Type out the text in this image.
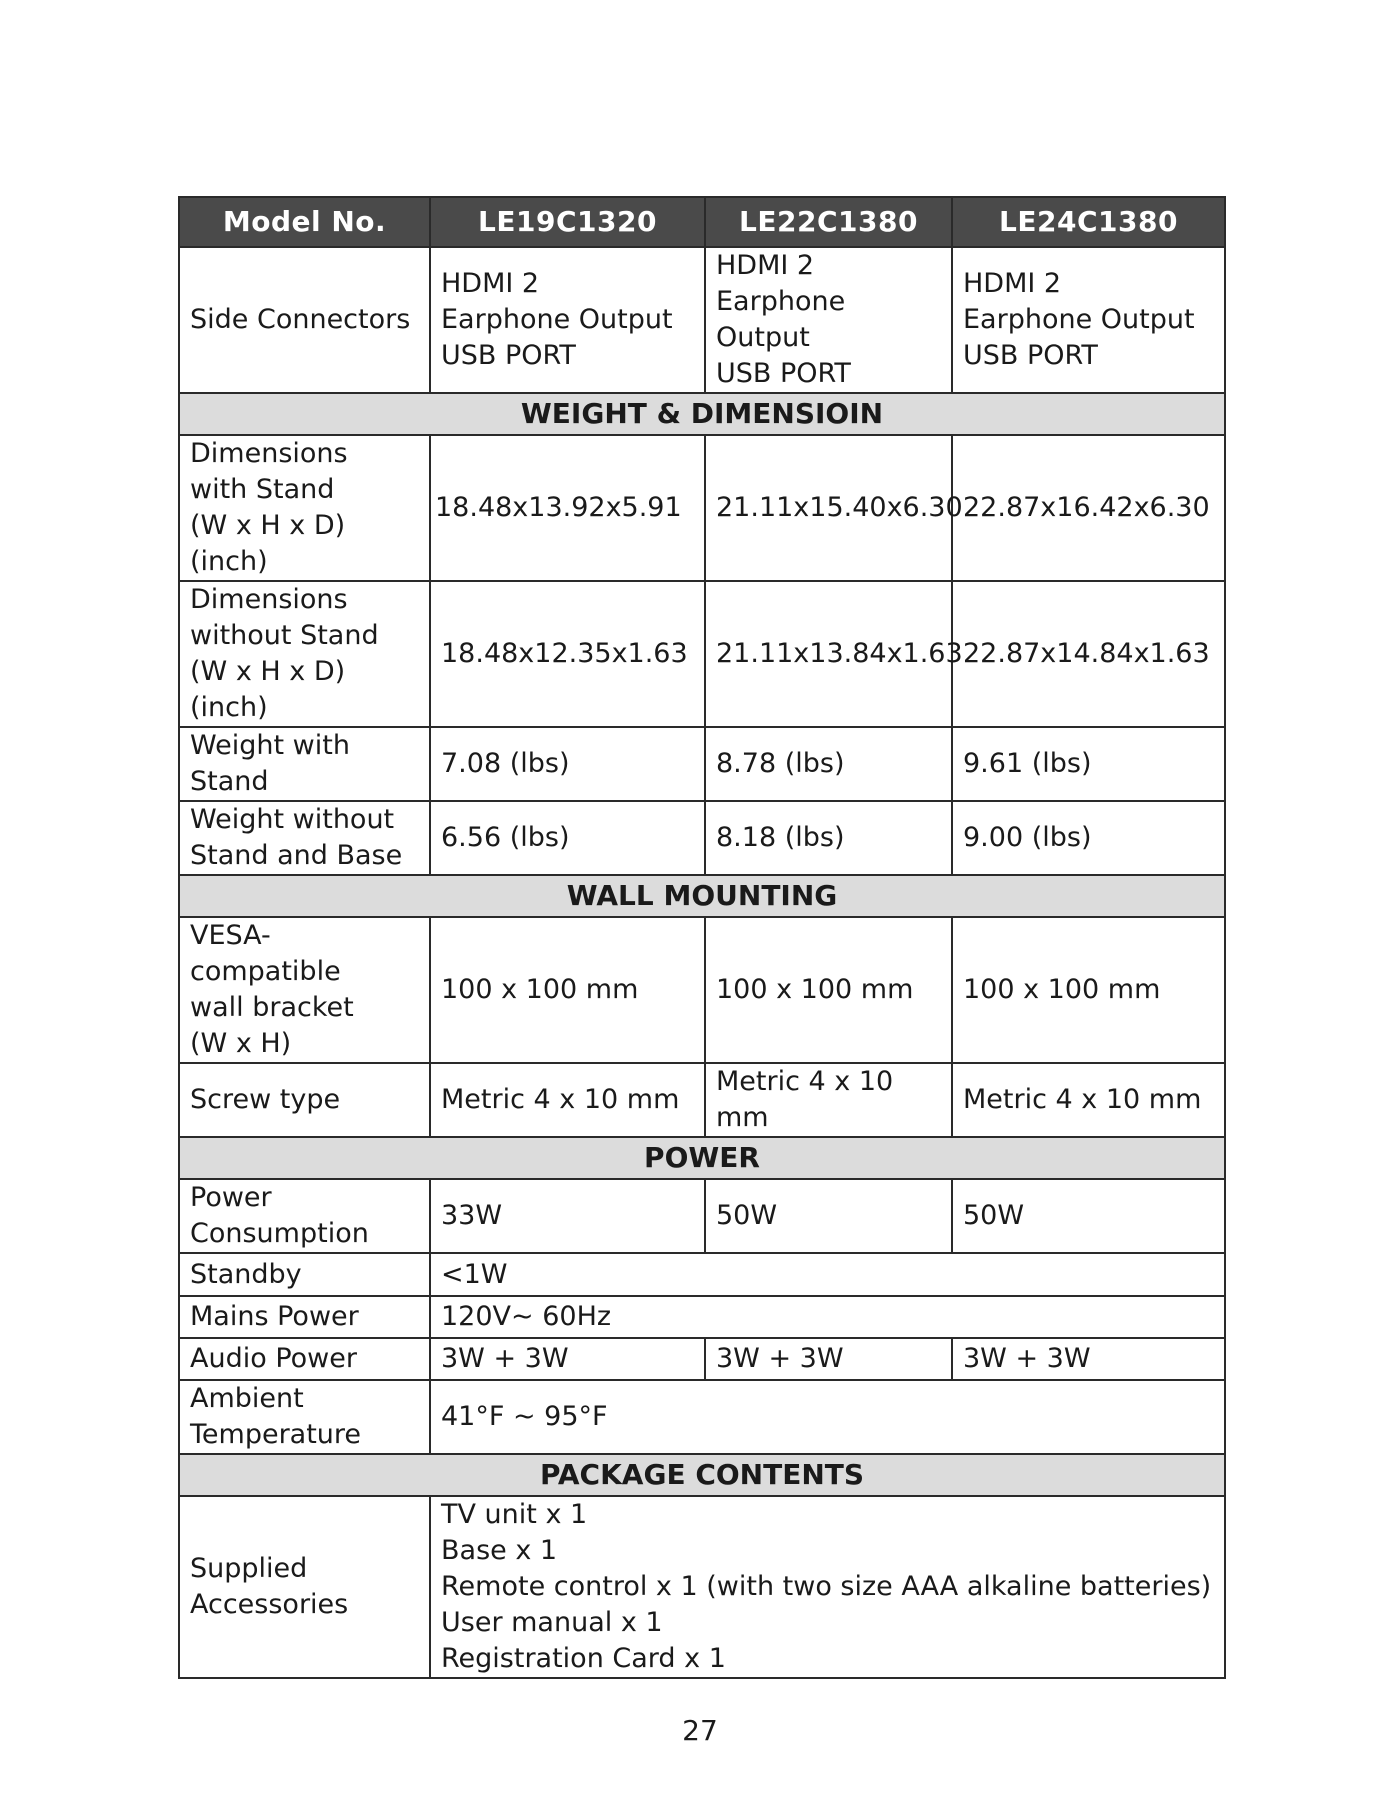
Model No.	LE19C1320	LE22C1380	LE24C1380
Side Connectors	HDMI 2
Earphone Output
USB PORT	HDMI 2
Earphone Output
USB PORT	HDMI 2
Earphone Output
USB PORT

WEIGHT & DIMENSIOIN			

Dimensions
with Stand
(W x H x D)(inch)	18.48x13.92x5.91	21.11x15.40x6.30	22.87x16.42x6.30

Dimensions
without Stand
(W x H x D)(inch)	18.48x12.35x1.63	21.11x13.84x1.63	22.87x14.84x1.63
Weight with Stand	7.08 (lbs)	8.78 (lbs)	9.61 (lbs)

Weight without
Stand and Base	6.56 (lbs)	8.18 (lbs)	9.00 (lbs)
WALL MOUNTING			

VESA-compatible
wall bracket
(W x H)	100 x 100 mm	100 x 100 mm	100 x 100 mm
Screw type	Metric 4 x 10 mm	Metric 4 x 10 mm	Metric 4 x 10 mm
POWER			

Power
Consumption	33W	50W	50W
Standby	<1W		
Mains Power	120V∼ 60Hz		
Audio Power	3W + 3W	3W + 3W	3W + 3W

Ambient
Temperature	41°F ~ 95°F		
PACKAGE CONTENTS			

Supplied
Accessories	TV unit x 1
Base x 1
Remote control x 1 (with two size AAA alkaline batteries)
User manual x 1
Registration Card x 1		
27
